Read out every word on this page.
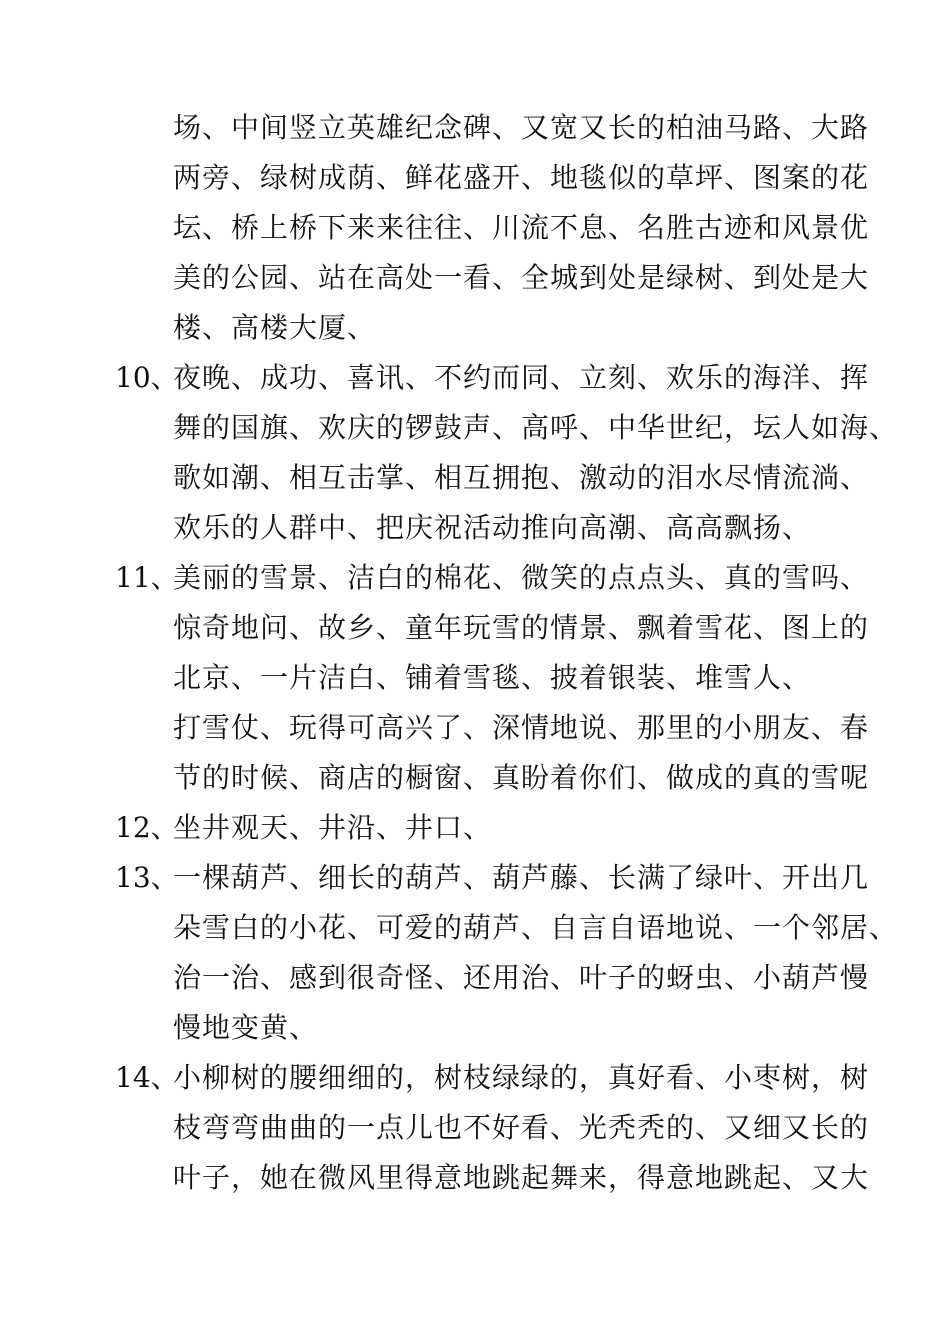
场、中间竖立英雄纪念碑、又宽又长的柏油马路、大路
两旁、绿树成荫、鲜花盛开、地毯似的草坪、图案的花
坛、桥上桥下来来往往、川流不息、名胜古迹和风景优
美的公园、站在高处一看、全城到处是绿树、到处是大
楼、高楼大厦、
10、
夜晚、成功、喜讯、不约而同、立刻、欢乐的海洋、挥
舞的国旗、欢庆的锣鼓声、高呼、中华世纪，坛人如海、
歌如潮、相互击掌、相互拥抱、激动的泪水尽情流淌、
欢乐的人群中、把庆祝活动推向高潮、高高飘扬、
11、
美丽的雪景、洁白的棉花、微笑的点点头、真的雪吗、
惊奇地问、故乡、童年玩雪的情景、飘着雪花、图上的
北京、一片洁白、铺着雪毯、披着银装、堆雪人、
打雪仗、玩得可高兴了、深情地说、那里的小朋友、春
节的时候、商店的橱窗、真盼着你们、做成的真的雪呢
12、
坐井观天、井沿、井口、
13、
一棵葫芦、细长的葫芦、葫芦藤、长满了绿叶、开出几
朵雪白的小花、可爱的葫芦、自言自语地说、一个邻居、
治一治、感到很奇怪、还用治、叶子的蚜虫、小葫芦慢
慢地变黄、
14、
小柳树的腰细细的，树枝绿绿的，真好看、小枣树，树
枝弯弯曲曲的一点儿也不好看、光秃秃的、又细又长的
叶子，她在微风里得意地跳起舞来，得意地跳起、又大
